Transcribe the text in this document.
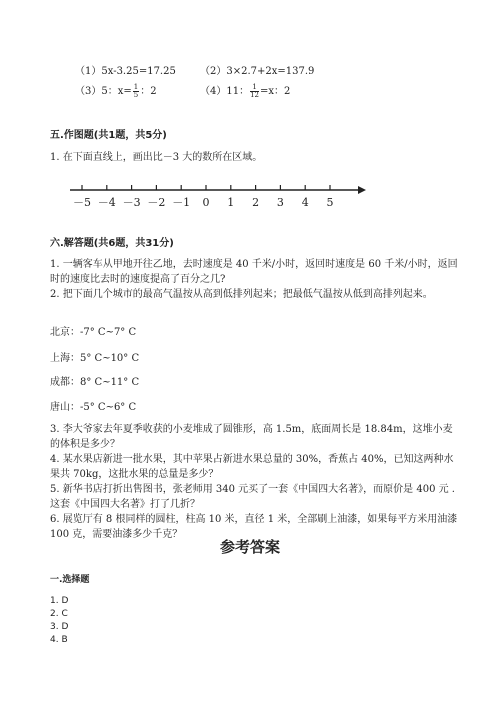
（1）5x-3.25=17.25 （2）3×2.7+2x=137.9
（3）5：$x= \frac{1}{5}$ ：2	（4）11： $\frac{1}{12} =x$：2
五.作图题(共1题，共5分)
1. 在下面直线上，画出比－3 大的数所在区域。
－5 －4 －3 －2 －1 0 1 2 3 4 5
六.解答题(共6题，共31分)
1. 一辆客车从甲地开往乙地，去时速度是 40 千米/小时，返回时速度是 60 千米/小时，返回时的速度比去时的速度提高了百分之几?
2. 把下面几个城市的最高气温按从高到低排列起来；把最低气温按从低到高排列起来。
北京：-7° C~7° C
上海：5° C~10° C
成都：8° C~11° C
唐山：-5° C~6° C
3. 李大爷家去年夏季收获的小麦堆成了圆锥形，高 1.5m，底面周长是 18.84m，这堆小麦的体积是多少？
4. 某水果店新进一批水果，其中苹果占新进水果总量的 30%，香蕉占 40%，已知这两种水果共 70kg，这批水果的总量是多少？
5. 新华书店打折出售图书，张老师用 340 元买了一套《中国四大名著》，而原价是 400 元 . 这套《中国四大名著》打了几折？
6. 展览厅有 8 根同样的圆柱，柱高 10 米，直径 1 米，全部刷上油漆，如果每平方米用油漆 100 克，需要油漆多少千克？
参考答案
一.选择题
1. D
2. C
3. D
4. B
